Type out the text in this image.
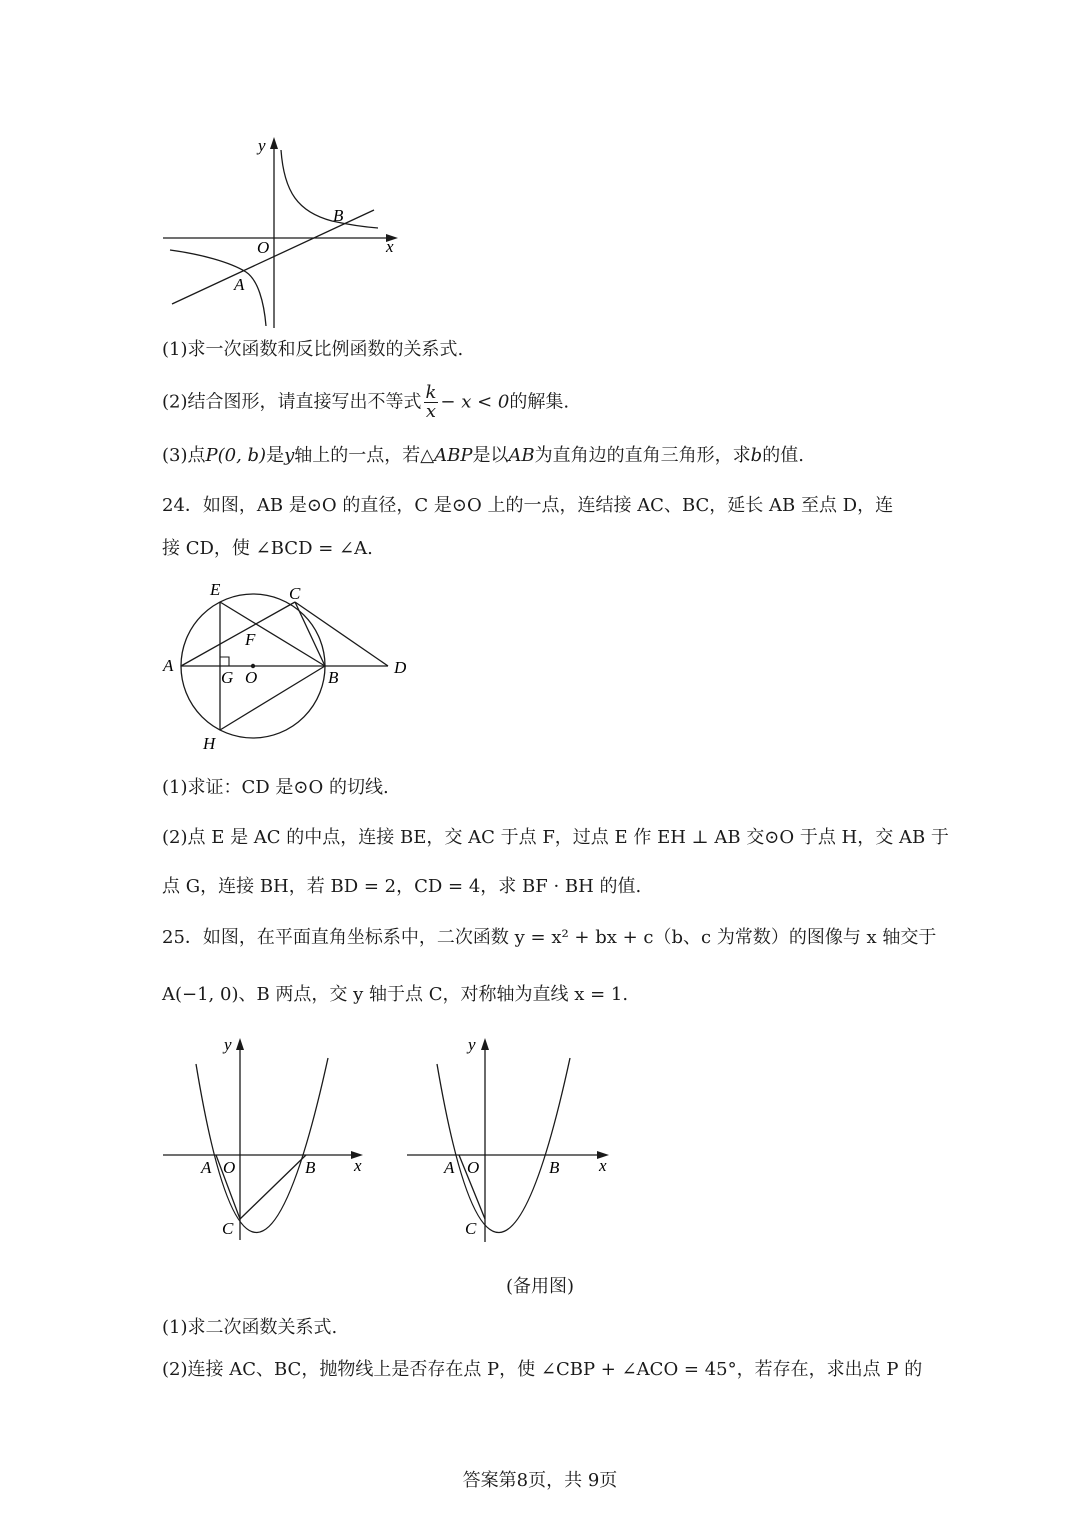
y
x
O
A
B
(1)求一次函数和反比例函数的关系式.
(2)结合图形，请直接写出不等式 $\frac{k}{x} - x < 0$的解集.
(3)点P(0, b)是y轴上的一点，若△ABP是以AB为直角边的直角三角形，求b的值.
24．如图，AB 是⊙O 的直径，C 是⊙O 上的一点，连结接 AC、BC，延长 AB 至点 D，连
接 CD，使 ∠BCD = ∠A.
E	C
F
A
G O	B
D
H
(1)求证：CD 是⊙O 的切线.
(2)点 E 是 AC 的中点，连接 BE，交 AC 于点 F，过点 E 作 EH ⊥ AB 交⊙O 于点 H，交 AB 于
点 G，连接 BH，若 BD = 2，CD = 4，求 BF · BH 的值.
25．如图，在平面直角坐标系中，二次函数 y = x² + bx + c（b、c 为常数）的图像与 x 轴交于
A(−1, 0)、B 两点，交 y 轴于点 C，对称轴为直线 x = 1.
y
x
A O	B
C
y
x
A O	B
C
(备用图)
(1)求二次函数关系式.
(2)连接 AC、BC，抛物线上是否存在点 P，使 ∠CBP + ∠ACO = 45°，若存在，求出点 P 的
答案第8页，共 9页
